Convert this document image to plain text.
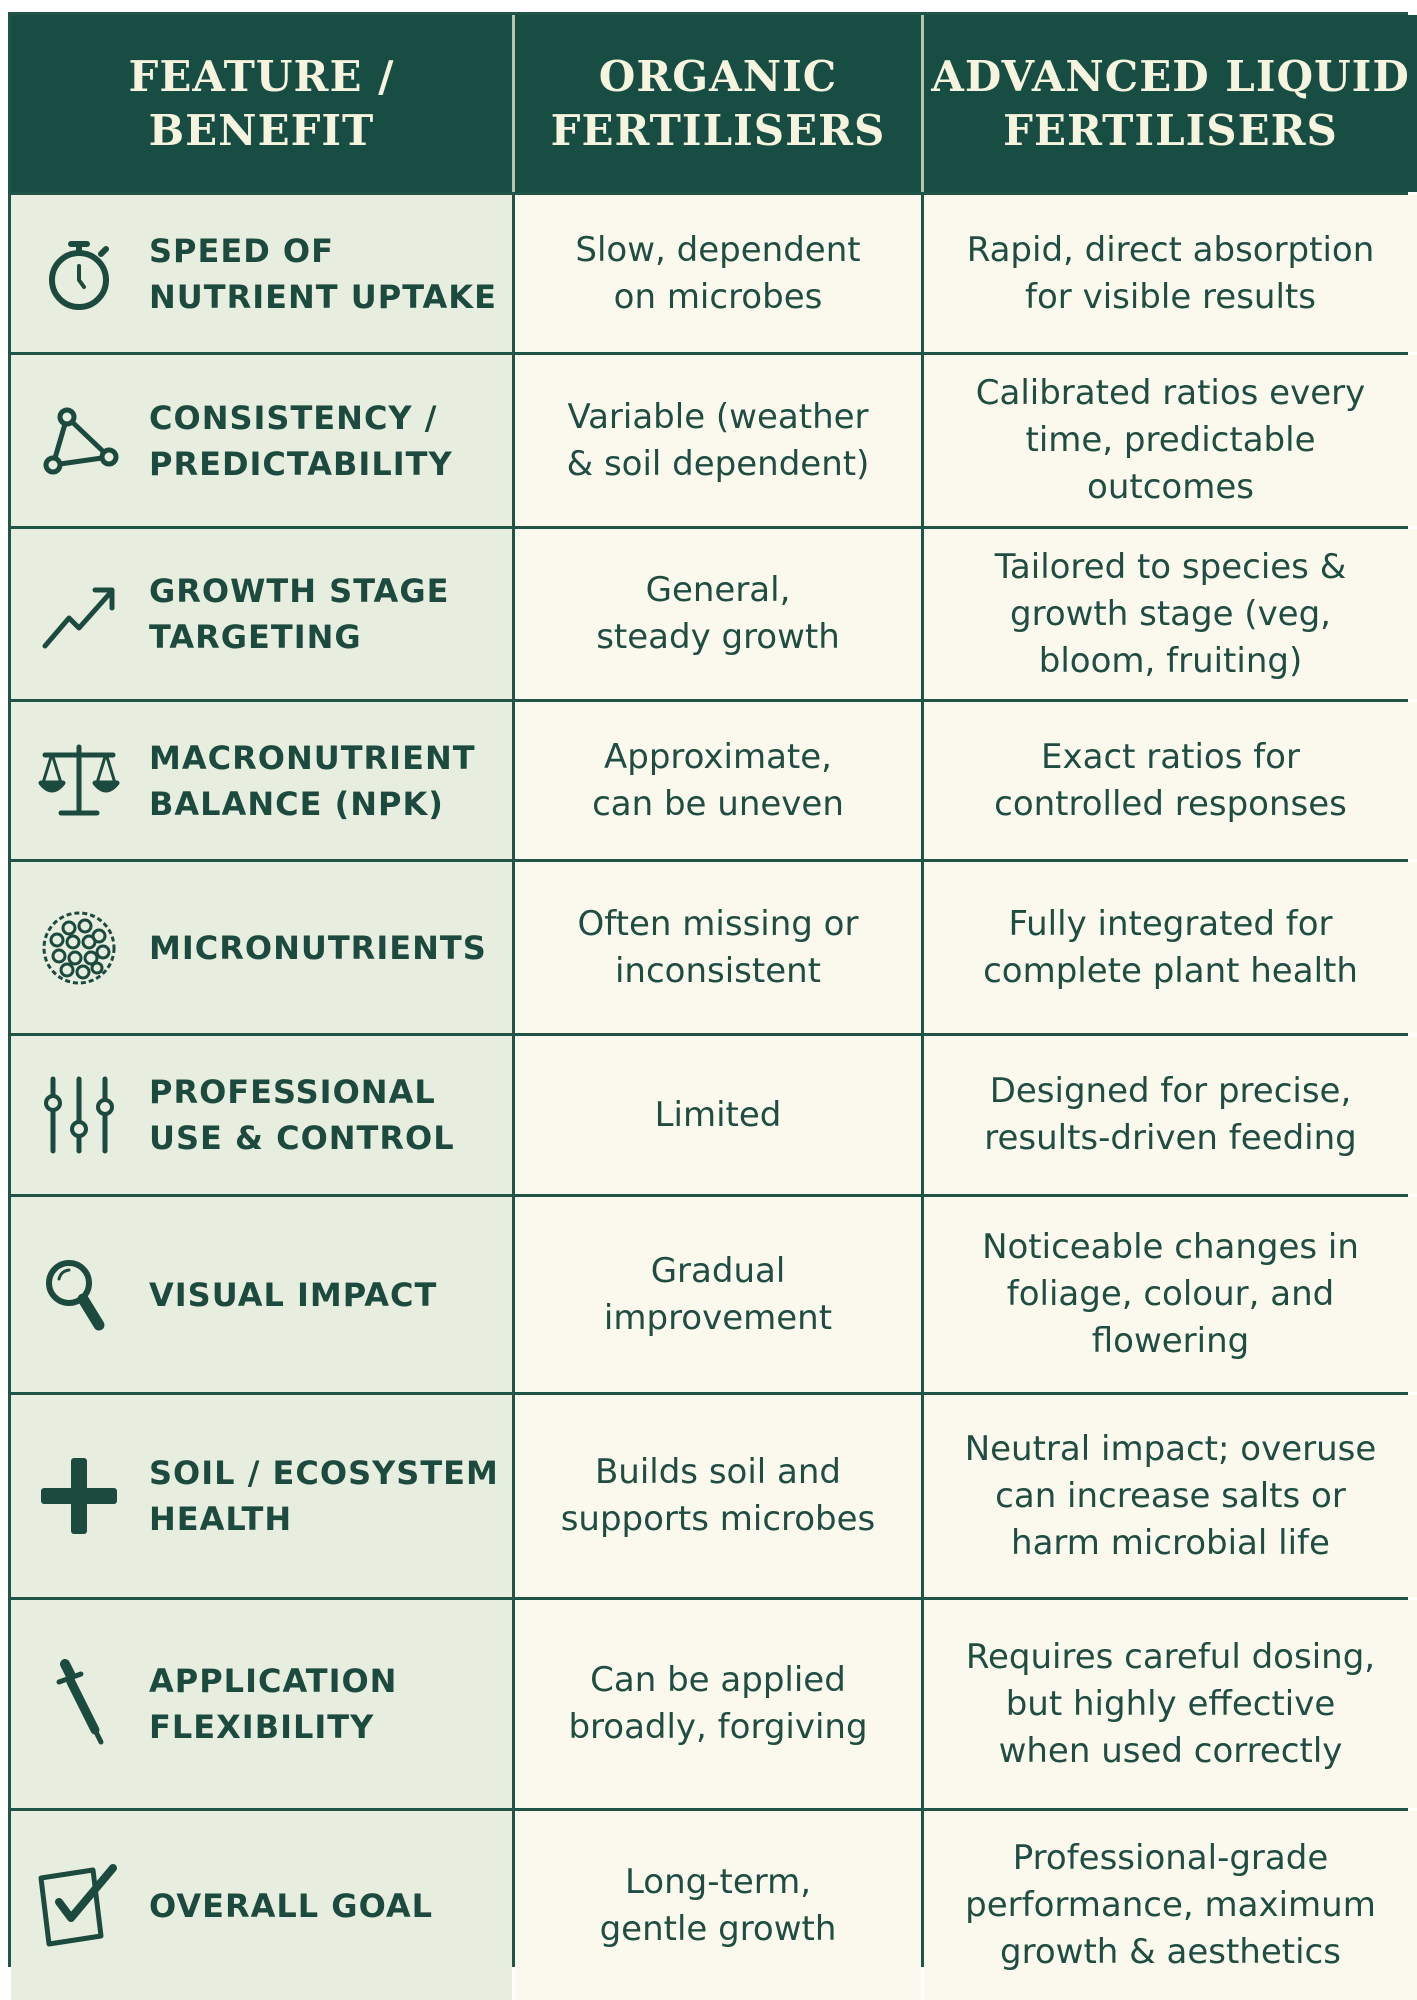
FEATURE /
BENEFIT
ORGANIC
FERTILISERS
ADVANCED LIQUID
FERTILISERS
SPEED OF
NUTRIENT UPTAKE
Slow, dependent
on microbes
Rapid, direct absorption
for visible results
CONSISTENCY /
PREDICTABILITY
Variable (weather
& soil dependent)
Calibrated ratios every
time, predictable
outcomes
GROWTH STAGE
TARGETING
General,
steady growth
Tailored to species &
growth stage (veg,
bloom, fruiting)
MACRONUTRIENT
BALANCE (NPK)
Approximate,
can be uneven
Exact ratios for
controlled responses
MICRONUTRIENTS
Often missing or
inconsistent
Fully integrated for
complete plant health
PROFESSIONAL
USE & CONTROL
Limited
Designed for precise,
results-driven feeding
VISUAL IMPACT
Gradual
improvement
Noticeable changes in
foliage, colour, and
flowering
SOIL / ECOSYSTEM
HEALTH
Builds soil and
supports microbes
Neutral impact; overuse
can increase salts or
harm microbial life
APPLICATION
FLEXIBILITY
Can be applied
broadly, forgiving
Requires careful dosing,
but highly effective
when used correctly
OVERALL GOAL
Long-term,
gentle growth
Professional-grade
performance, maximum
growth & aesthetics
